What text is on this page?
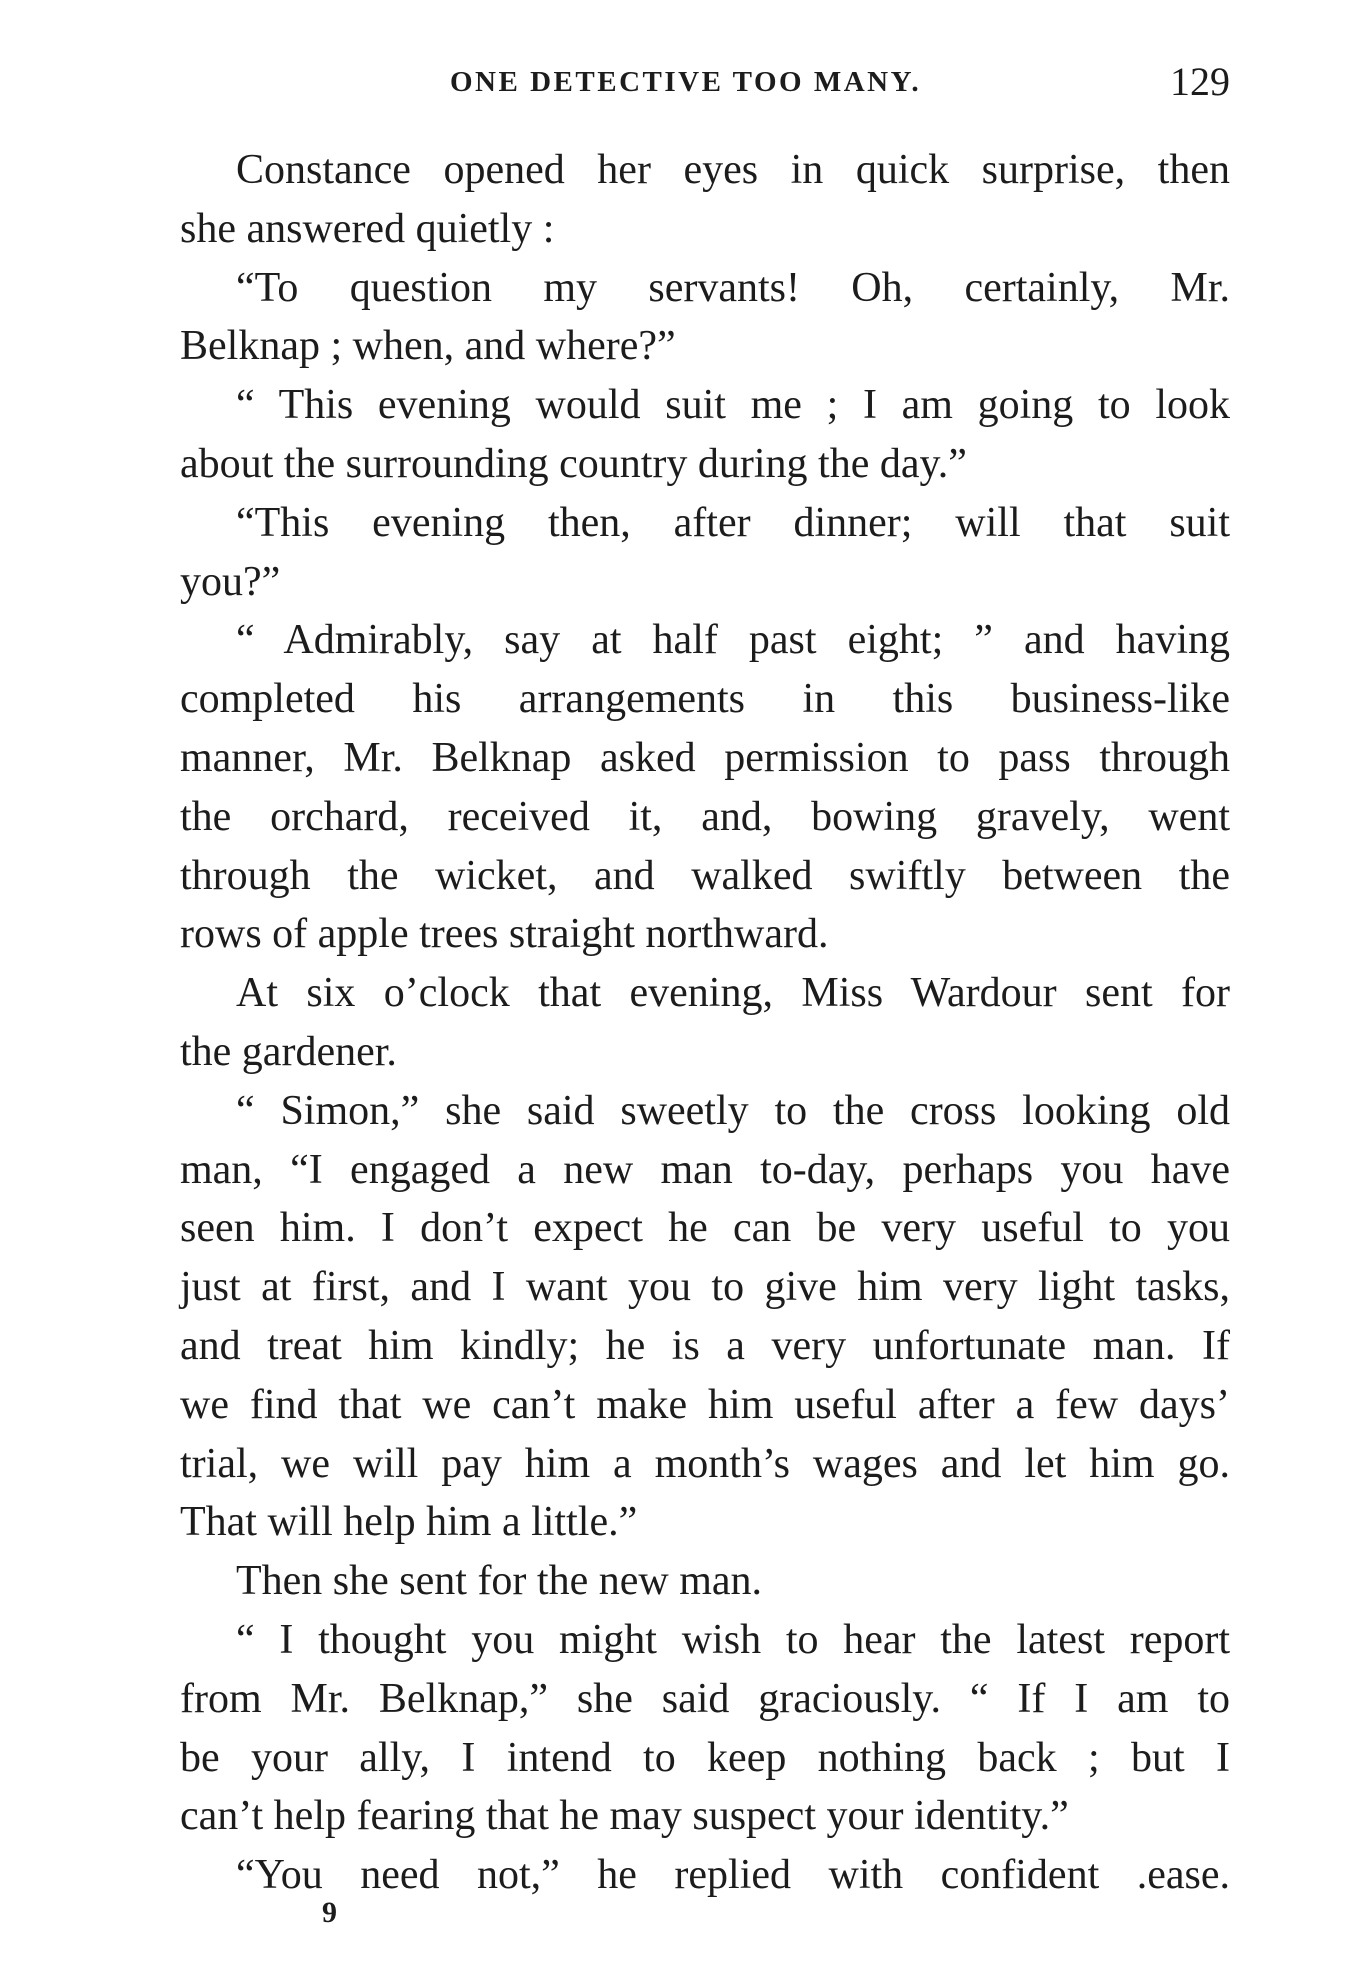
ONE DETECTIVE TOO MANY.	129
Constance opened her eyes in quick surprise, then
she answered quietly :
“To question my servants! Oh, certainly, Mr.
Belknap ; when, and where?”
“ This evening would suit me ; I am going to look
about the surrounding country during the day.”
“This evening then, after dinner; will that suit
you?”
“ Admirably, say at half past eight; ” and having
completed his arrangements in this business-like
manner, Mr. Belknap asked permission to pass through
the orchard, received it, and, bowing gravely, went
through the wicket, and walked swiftly between the
rows of apple trees straight northward.
At six o’clock that evening, Miss Wardour sent for
the gardener.
“ Simon,” she said sweetly to the cross looking old
man, “I engaged a new man to-day, perhaps you have
seen him. I don’t expect he can be very useful to you
just at first, and I want you to give him very light tasks,
and treat him kindly; he is a very unfortunate man. If
we find that we can’t make him useful after a few days’
trial, we will pay him a month’s wages and let him go.
That will help him a little.”
Then she sent for the new man.
“ I thought you might wish to hear the latest report
from Mr. Belknap,” she said graciously. “ If I am to
be your ally, I intend to keep nothing back ; but I
can’t help fearing that he may suspect your identity.”
“You need not,” he replied with confident .ease.
9
